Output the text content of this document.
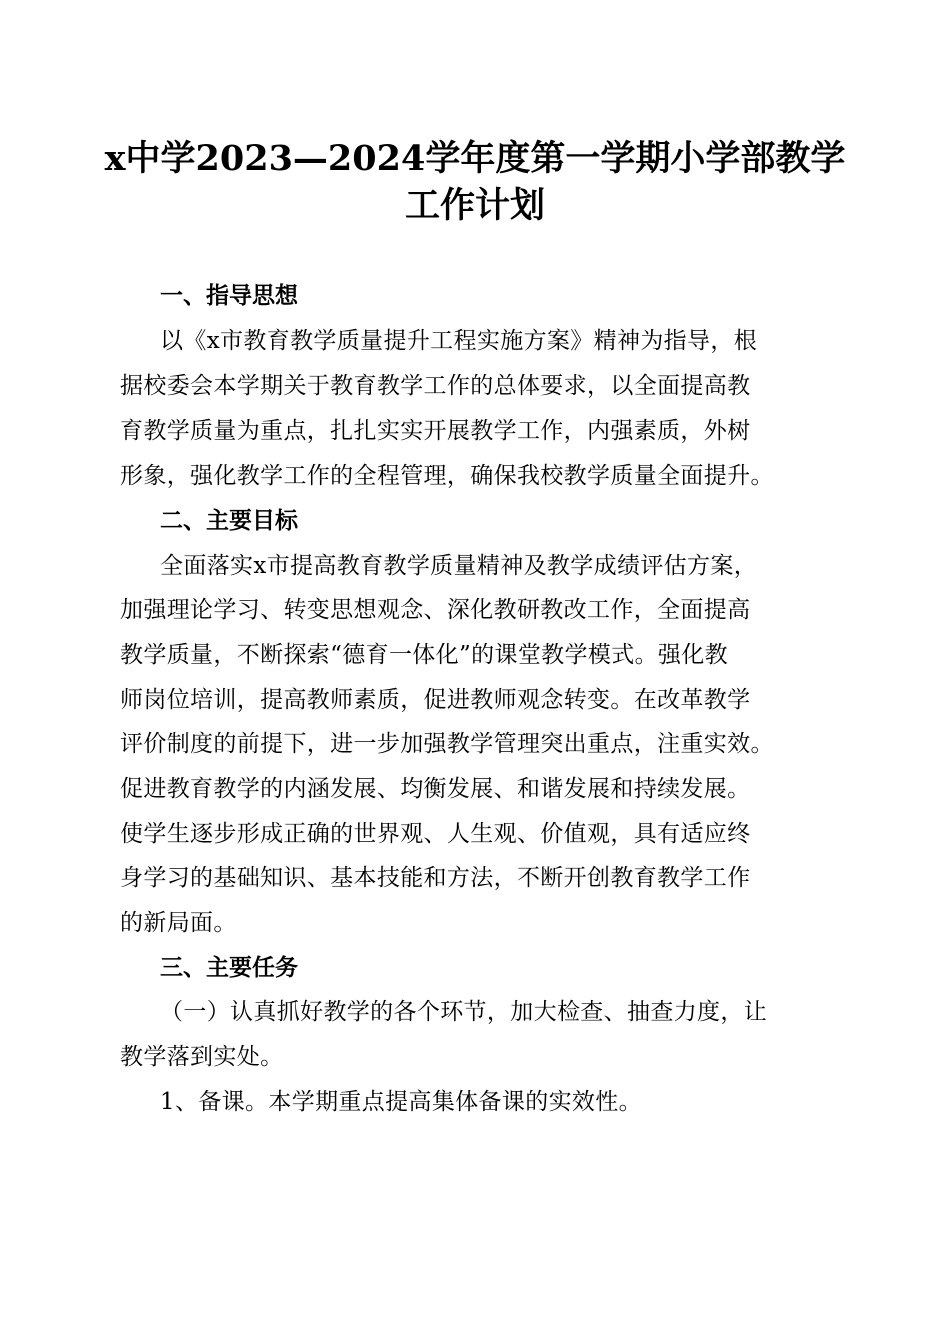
x中学2023—2024学年度第一学期小学部教学
工作计划
一、指导思想
以《x市教育教学质量提升工程实施方案》精神为指导，根
据校委会本学期关于教育教学工作的总体要求，以全面提高教
育教学质量为重点，扎扎实实开展教学工作，内强素质，外树
形象，强化教学工作的全程管理，确保我校教学质量全面提升。
二、主要目标
全面落实x市提高教育教学质量精神及教学成绩评估方案，
加强理论学习、转变思想观念、深化教研教改工作，全面提高
教学质量，不断探索“德育一体化”的课堂教学模式。强化教
师岗位培训，提高教师素质，促进教师观念转变。在改革教学
评价制度的前提下，进一步加强教学管理突出重点，注重实效。
促进教育教学的内涵发展、均衡发展、和谐发展和持续发展。
使学生逐步形成正确的世界观、人生观、价值观，具有适应终
身学习的基础知识、基本技能和方法，不断开创教育教学工作
的新局面。
三、主要任务
（一）认真抓好教学的各个环节，加大检查、抽查力度，让
教学落到实处。
1、备课。本学期重点提高集体备课的实效性。
